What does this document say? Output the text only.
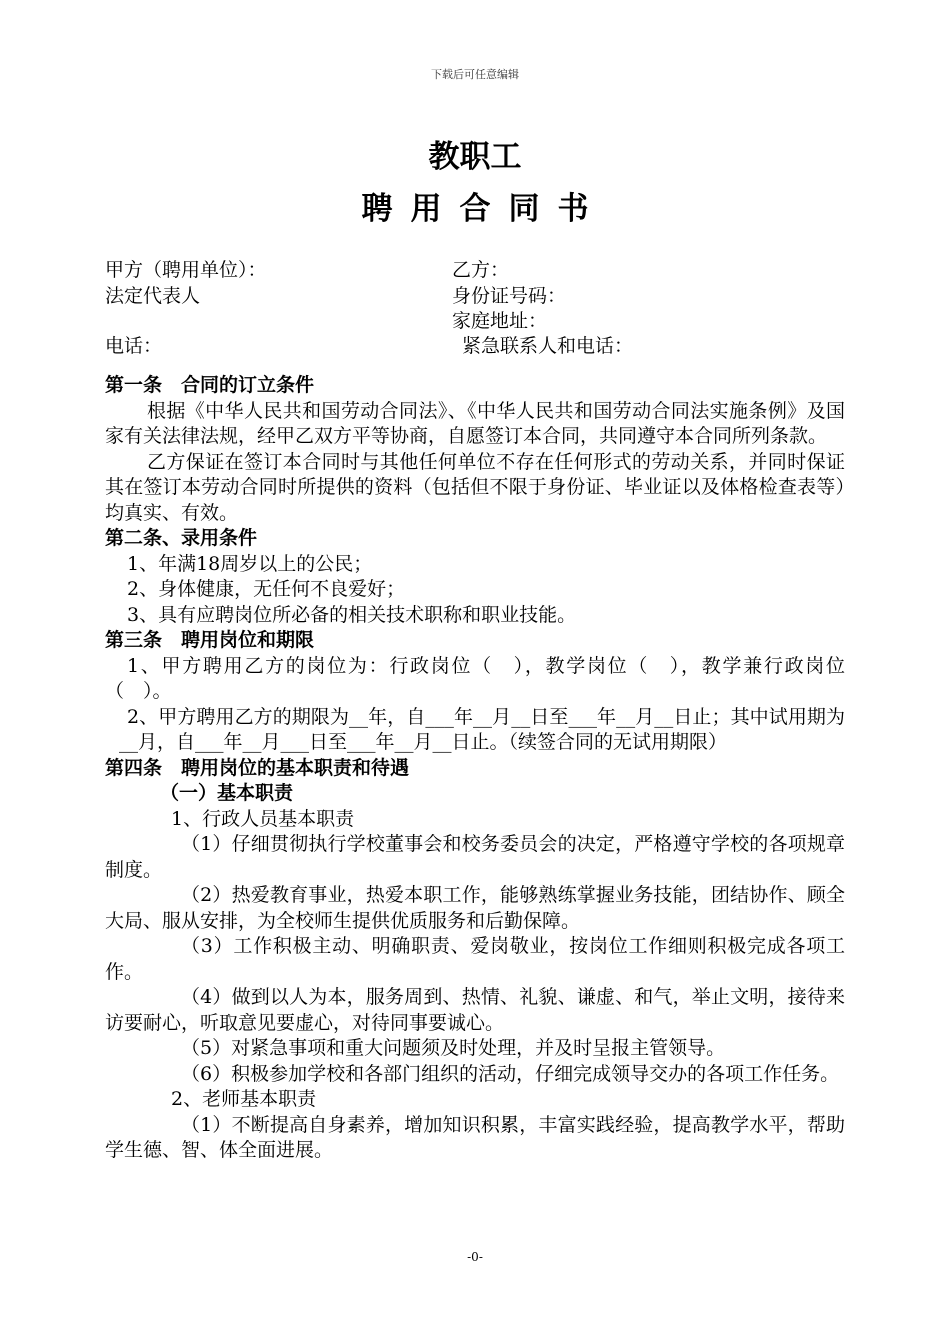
下载后可任意编辑
教职工
聘用合同书
甲方（聘用单位）：
法定代表人
电话：
乙方：
身份证号码：
家庭地址：
紧急联系人和电话：

第一条　合同的订立条件

根据《中华人民共和国劳动合同法》、《中华人民共和国劳动合同法实施条例》及国家有关法律法规，经甲乙双方平等协商，自愿签订本合同，共同遵守本合同所列条款。

乙方保证在签订本合同时与其他任何单位不存在任何形式的劳动关系，并同时保证其在签订本劳动合同时所提供的资料（包括但不限于身份证、毕业证以及体格检查表等）均真实、有效。

第二条、录用条件

1、年满18周岁以上的公民；

2、身体健康，无任何不良爱好；

3、具有应聘岗位所必备的相关技术职称和职业技能。

第三条　聘用岗位和期限

1、甲方聘用乙方的岗位为：行政岗位（　），教学岗位（　），教学兼行政岗位（　）。

2、甲方聘用乙方的期限为__年，自___年__月__日至___年__月__日止；其中试用期为__月，自___年__月___日至___年__月__日止。（续签合同的无试用期限）

第四条　聘用岗位的基本职责和待遇

（一）基本职责

1、行政人员基本职责

（1）仔细贯彻执行学校董事会和校务委员会的决定，严格遵守学校的各项规章制度。

（2）热爱教育事业，热爱本职工作，能够熟练掌握业务技能，团结协作、顾全大局、服从安排，为全校师生提供优质服务和后勤保障。

（3）工作积极主动、明确职责、爱岗敬业，按岗位工作细则积极完成各项工作。

（4）做到以人为本，服务周到、热情、礼貌、谦虚、和气，举止文明，接待来访要耐心，听取意见要虚心，对待同事要诚心。

（5）对紧急事项和重大问题须及时处理，并及时呈报主管领导。

（6）积极参加学校和各部门组织的活动，仔细完成领导交办的各项工作任务。

2、老师基本职责

（1）不断提高自身素养，增加知识积累，丰富实践经验，提高教学水平，帮助学生德、智、体全面进展。

-0-
